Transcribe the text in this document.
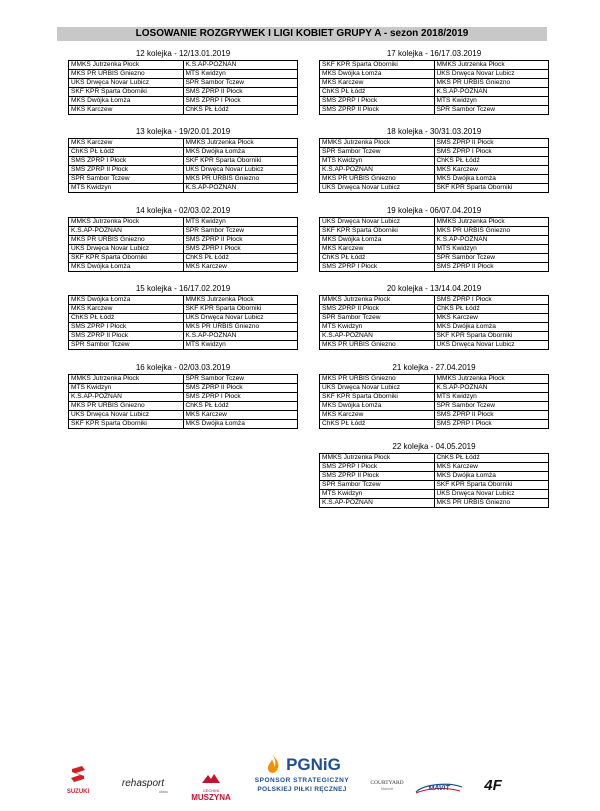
LOSOWANIE ROZGRYWEK I LIGI KOBIET GRUPY A - sezon 2018/2019
12 kolejka - 12/13.01.2019
MMKS Jutrzenka Płock	K.S.AP-POZNAŃ
MKS PR URBIS Gniezno	MTS Kwidzyn
UKS Drwęca Novar Lubicz	SPR Sambor Tczew
SKF KPR Sparta Oborniki	SMS ZPRP II Płock
MKS Dwójka Łomża	SMS ZPRP I Płock
MKS Karczew	ChKS PŁ Łódź
17 kolejka - 16/17.03.2019
SKF KPR Sparta Oborniki	MMKS Jutrzenka Płock
MKS Dwójka Łomża	UKS Drwęca Novar Lubicz
MKS Karczew	MKS PR URBIS Gniezno
ChKS PŁ Łódź	K.S.AP-POZNAŃ
SMS ZPRP I Płock	MTS Kwidzyn
SMS ZPRP II Płock	SPR Sambor Tczew
13 kolejka - 19/20.01.2019
MKS Karczew	MMKS Jutrzenka Płock
ChKS PŁ Łódź	MKS Dwójka Łomża
SMS ZPRP I Płock	SKF KPR Sparta Oborniki
SMS ZPRP II Płock	UKS Drwęca Novar Lubicz
SPR Sambor Tczew	MKS PR URBIS Gniezno
MTS Kwidzyn	K.S.AP-POZNAŃ
18 kolejka - 30/31.03.2019
MMKS Jutrzenka Płock	SMS ZPRP II Płock
SPR Sambor Tczew	SMS ZPRP I Płock
MTS Kwidzyn	ChKS PŁ Łódź
K.S.AP-POZNAŃ	MKS Karczew
MKS PR URBIS Gniezno	MKS Dwójka Łomża
UKS Drwęca Novar Lubicz	SKF KPR Sparta Oborniki
14 kolejka - 02/03.02.2019
MMKS Jutrzenka Płock	MTS Kwidzyn
K.S.AP-POZNAŃ	SPR Sambor Tczew
MKS PR URBIS Gniezno	SMS ZPRP II Płock
UKS Drwęca Novar Lubicz	SMS ZPRP I Płock
SKF KPR Sparta Oborniki	ChKS PŁ Łódź
MKS Dwójka Łomża	MKS Karczew
19 kolejka - 06/07.04.2019
UKS Drwęca Novar Lubicz	MMKS Jutrzenka Płock
SKF KPR Sparta Oborniki	MKS PR URBIS Gniezno
MKS Dwójka Łomża	K.S.AP-POZNAŃ
MKS Karczew	MTS Kwidzyn
ChKS PŁ Łódź	SPR Sambor Tczew
SMS ZPRP I Płock	SMS ZPRP II Płock
15 kolejka - 16/17.02.2019
MKS Dwójka Łomża	MMKS Jutrzenka Płock
MKS Karczew	SKF KPR Sparta Oborniki
ChKS PŁ Łódź	UKS Drwęca Novar Lubicz
SMS ZPRP I Płock	MKS PR URBIS Gniezno
SMS ZPRP II Płock	K.S.AP-POZNAŃ
SPR Sambor Tczew	MTS Kwidzyn
20 kolejka - 13/14.04.2019
MMKS Jutrzenka Płock	SMS ZPRP I Płock
SMS ZPRP II Płock	ChKS PŁ Łódź
SPR Sambor Tczew	MKS Karczew
MTS Kwidzyn	MKS Dwójka Łomża
K.S.AP-POZNAŃ	SKF KPR Sparta Oborniki
MKS PR URBIS Gniezno	UKS Drwęca Novar Lubicz
16 kolejka - 02/03.03.2019
MMKS Jutrzenka Płock	SPR Sambor Tczew
MTS Kwidzyn	SMS ZPRP II Płock
K.S.AP-POZNAŃ	SMS ZPRP I Płock
MKS PR URBIS Gniezno	ChKS PŁ Łódź
UKS Drwęca Novar Lubicz	MKS Karczew
SKF KPR Sparta Oborniki	MKS Dwójka Łomża
21 kolejka - 27.04.2019
MKS PR URBIS Gniezno	MMKS Jutrzenka Płock
UKS Drwęca Novar Lubicz	K.S.AP-POZNAŃ
SKF KPR Sparta Oborniki	MTS Kwidzyn
MKS Dwójka Łomża	SPR Sambor Tczew
MKS Karczew	SMS ZPRP II Płock
ChKS PŁ Łódź	SMS ZPRP I Płock
22 kolejka - 04.05.2019
MMKS Jutrzenka Płock	ChKS PŁ Łódź
SMS ZPRP I Płock	MKS Karczew
SMS ZPRP II Płock	MKS Dwójka Łomża
SPR Sambor Tczew	SKF KPR Sparta Oborniki
MTS Kwidzyn	UKS Drwęca Novar Lubicz
K.S.AP-POZNAŃ	MKS PR URBIS Gniezno
SUZUKI
rehasport
clinic	CECHINI
MUSZYNA
PGNiG
SPONSOR STRATEGICZNY
POLSKIEJ PIŁKI RĘCZNEJ
COURTYARD
Marriott	MAVIT	4F
